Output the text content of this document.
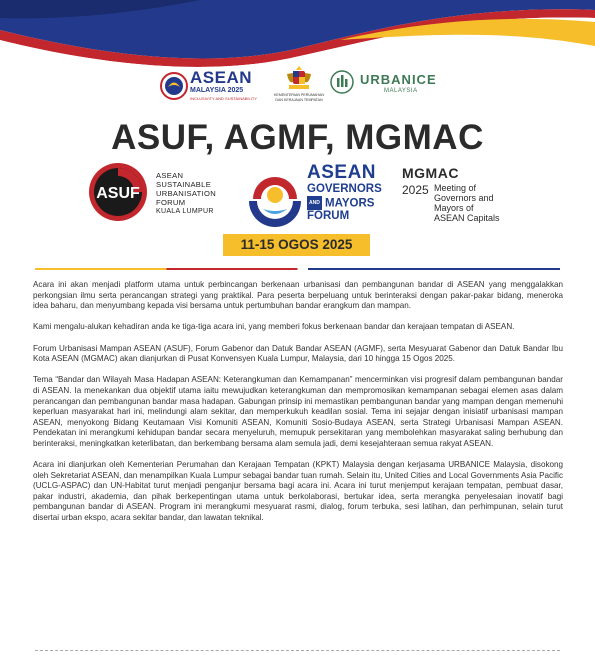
ASEAN
MALAYSIA 2025
INCLUSIVITY AND SUSTAINABILITY
KEMENTERIAN PERUMAHAN DAN KERAJAAN TEMPATAN
URBANICE
MALAYSIA
ASUF, AGMF, MGMAC
ASUF
ASEAN
SUSTAINABLE
URBANISATION
FORUM
KUALA LUMPUR
ASEAN
GOVERNORS
AND MAYORS
FORUM
MGMAC
2025 Meeting of
Governors and
Mayors of
ASEAN Capitals
11-15 OGOS 2025

Acara ini akan menjadi platform utama untuk perbincangan berkenaan urbanisasi dan pembangunan bandar di ASEAN yang menggalakkan perkongsian ilmu serta perancangan strategi yang praktikal. Para peserta berpeluang untuk berinteraksi dengan pakar-pakar bidang, meneroka idea baharu, dan menyumbang kepada visi bersama untuk pertumbuhan bandar erangkum dan mampan.

Kami mengalu-alukan kehadiran anda ke tiga-tiga acara ini, yang memberi fokus berkenaan bandar dan kerajaan tempatan di ASEAN.

Forum Urbanisasi Mampan ASEAN (ASUF), Forum Gabenor dan Datuk Bandar ASEAN (AGMF), serta Mesyuarat Gabenor dan Datuk Bandar Ibu Kota ASEAN (MGMAC) akan dianjurkan di Pusat Konvensyen Kuala Lumpur, Malaysia, dari 10 hingga 15 Ogos 2025.

Tema “Bandar dan Wilayah Masa Hadapan ASEAN: Keterangkuman dan Kemampanan” mencerminkan visi progresif dalam pembangunan bandar di ASEAN. Ia menekankan dua objektif utama iaitu mewujudkan keterangkuman dan mempromosikan kemampanan sebagai elemen asas dalam perancangan dan pembangunan bandar masa hadapan. Gabungan prinsip ini memastikan pembangunan bandar yang mampan dengan memenuhi keperluan masyarakat hari ini, melindungi alam sekitar, dan memperkukuh keadilan sosial. Tema ini sejajar dengan inisiatif urbanisasi mampan ASEAN, menyokong Bidang Keutamaan Visi Komuniti ASEAN, Komuniti Sosio-Budaya ASEAN, serta Strategi Urbanisasi Mampan ASEAN. Pendekatan ini merangkumi kehidupan bandar secara menyeluruh, memupuk persekitaran yang membolehkan masyarakat saling berhubung dan berinteraksi, meningkatkan keterlibatan, dan berkembang bersama alam semula jadi, demi kesejahteraan semua rakyat ASEAN.

Acara ini dianjurkan oleh Kementerian Perumahan dan Kerajaan Tempatan (KPKT) Malaysia dengan kerjasama URBANICE Malaysia, disokong oleh Sekretariat ASEAN, dan menampilkan Kuala Lumpur sebagai bandar tuan rumah. Selain itu, United Cities and Local Governments Asia Pacific (UCLG-ASPAC) dan UN-Habitat turut menjadi penganjur bersama bagi acara ini. Acara ini turut menjemput kerajaan tempatan, pembuat dasar, pakar industri, akademia, dan pihak berkepentingan utama untuk berkolaborasi, bertukar idea, serta merangka penyelesaian inovatif bagi pembangunan bandar di ASEAN. Program ini merangkumi mesyuarat rasmi, dialog, forum terbuka, sesi latihan, dan perhimpunan, selain turut disertai urban ekspo, acara sekitar bandar, dan lawatan teknikal.
